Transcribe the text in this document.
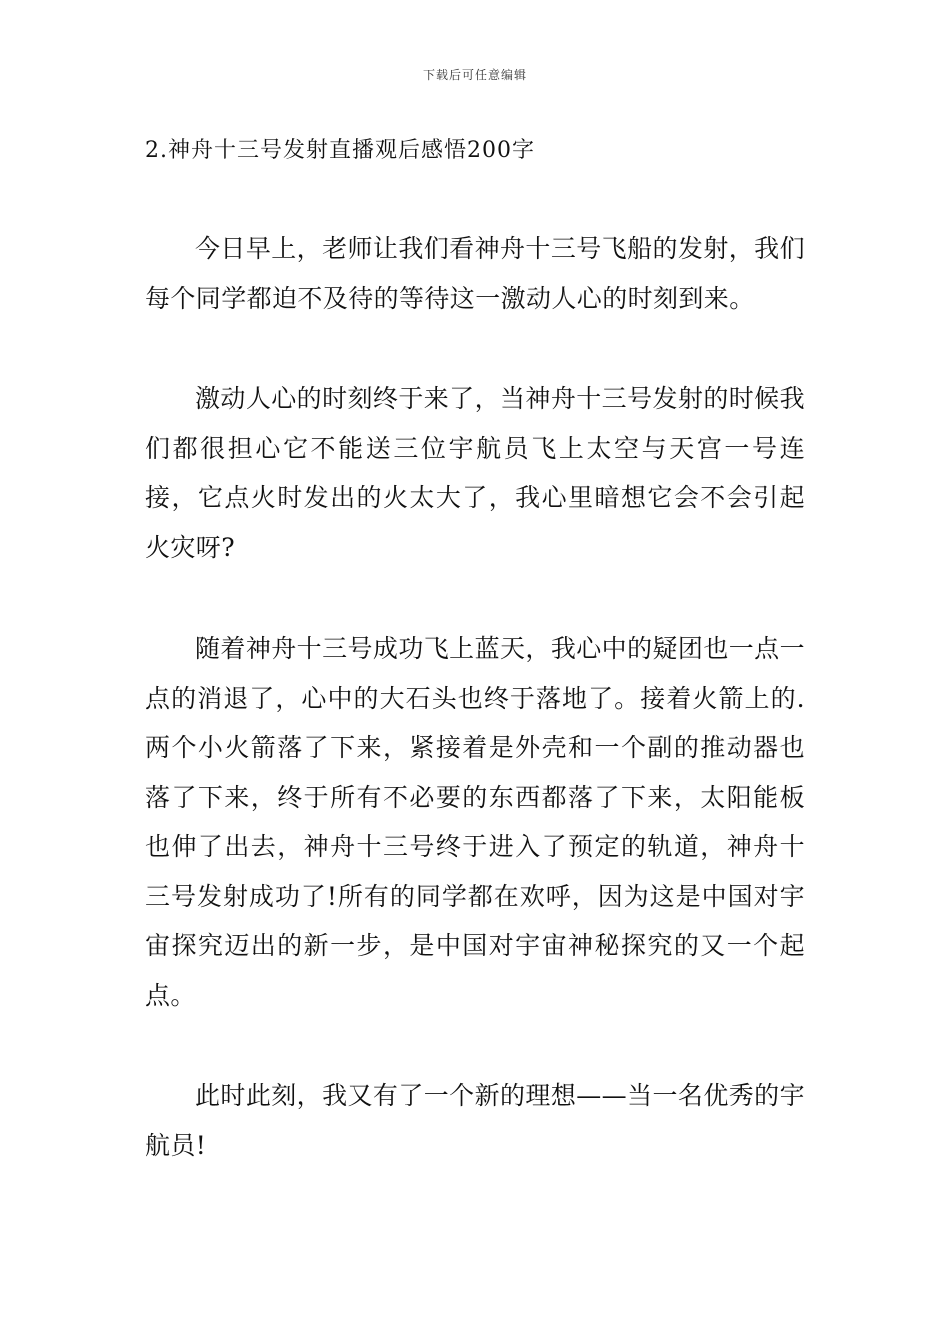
下载后可任意编辑
2.神舟十三号发射直播观后感悟200字

今日早上，老师让我们看神舟十三号飞船的发射，我们每个同学都迫不及待的等待这一激动人心的时刻到来。

激动人心的时刻终于来了，当神舟十三号发射的时候我们都很担心它不能送三位宇航员飞上太空与天宫一号连接，它点火时发出的火太大了，我心里暗想它会不会引起火灾呀?

随着神舟十三号成功飞上蓝天，我心中的疑团也一点一点的消退了，心中的大石头也终于落地了。接着火箭上的.两个小火箭落了下来，紧接着是外壳和一个副的推动器也落了下来，终于所有不必要的东西都落了下来，太阳能板也伸了出去，神舟十三号终于进入了预定的轨道，神舟十三号发射成功了!所有的同学都在欢呼，因为这是中国对宇宙探究迈出的新一步，是中国对宇宙神秘探究的又一个起点。

此时此刻，我又有了一个新的理想——当一名优秀的宇航员!
